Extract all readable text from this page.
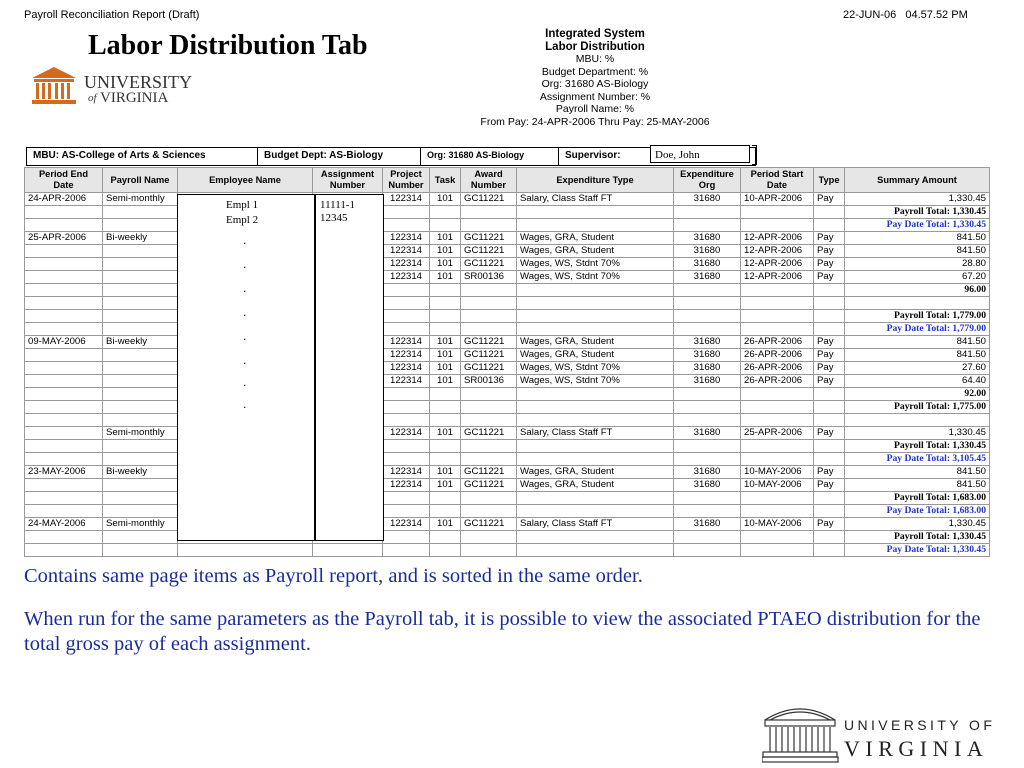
Payroll Reconciliation Report (Draft)	22-JUN-06 04.57.52 PM
Labor Distribution Tab
UNIVERSITY
of VIRGINIA
Integrated System
Labor Distribution
MBU: %
Budget Department: %
Org: 31680 AS-Biology
Assignment Number: %
Payroll Name: %
From Pay: 24-APR-2006 Thru Pay: 25-MAY-2006
MBU: AS-College of Arts & Sciences	Budget Dept: AS-Biology	Org: 31680 AS-Biology	Supervisor:	Doe, John
Period End Date	Payroll Name	Employee Name	Assignment Number	Project Number	Task	Award Number	Expenditure Type	Expenditure Org	Period Start Date	Type	Summary Amount
24-APR-2006	Semi-monthly			122314	101	GC11221	Salary, Class Staff FT	31680	10-APR-2006	Pay	1,330.45
											Payroll Total: 1,330.45
											Pay Date Total: 1,330.45
25-APR-2006	Bi-weekly			122314	101	GC11221	Wages, GRA, Student	31680	12-APR-2006	Pay	841.50
				122314	101	GC11221	Wages, GRA, Student	31680	12-APR-2006	Pay	841.50
				122314	101	GC11221	Wages, WS, Stdnt 70%	31680	12-APR-2006	Pay	28.80
				122314	101	SR00136	Wages, WS, Stdnt 70%	31680	12-APR-2006	Pay	67.20
											96.00

											Payroll Total: 1,779.00
											Pay Date Total: 1,779.00
09-MAY-2006	Bi-weekly			122314	101	GC11221	Wages, GRA, Student	31680	26-APR-2006	Pay	841.50
				122314	101	GC11221	Wages, GRA, Student	31680	26-APR-2006	Pay	841.50
				122314	101	GC11221	Wages, WS, Stdnt 70%	31680	26-APR-2006	Pay	27.60
				122314	101	SR00136	Wages, WS, Stdnt 70%	31680	26-APR-2006	Pay	64.40
											92.00
											Payroll Total: 1,775.00

	Semi-monthly			122314	101	GC11221	Salary, Class Staff FT	31680	25-APR-2006	Pay	1,330.45
											Payroll Total: 1,330.45
											Pay Date Total: 3,105.45
23-MAY-2006	Bi-weekly			122314	101	GC11221	Wages, GRA, Student	31680	10-MAY-2006	Pay	841.50
				122314	101	GC11221	Wages, GRA, Student	31680	10-MAY-2006	Pay	841.50
											Payroll Total: 1,683.00
											Pay Date Total: 1,683.00
24-MAY-2006	Semi-monthly			122314	101	GC11221	Salary, Class Staff FT	31680	10-MAY-2006	Pay	1,330.45
											Payroll Total: 1,330.45
											Pay Date Total: 1,330.45
Empl 1
Empl 2
.
.
.
.
.
.
.
.
11111-1
12345

Contains same page items as Payroll report, and is sorted in the same order.

When run for the same parameters as the Payroll tab, it is possible to view the associated PTAEO distribution for the total gross pay of each assignment.

UNIVERSITY OF
VIRGINIA
